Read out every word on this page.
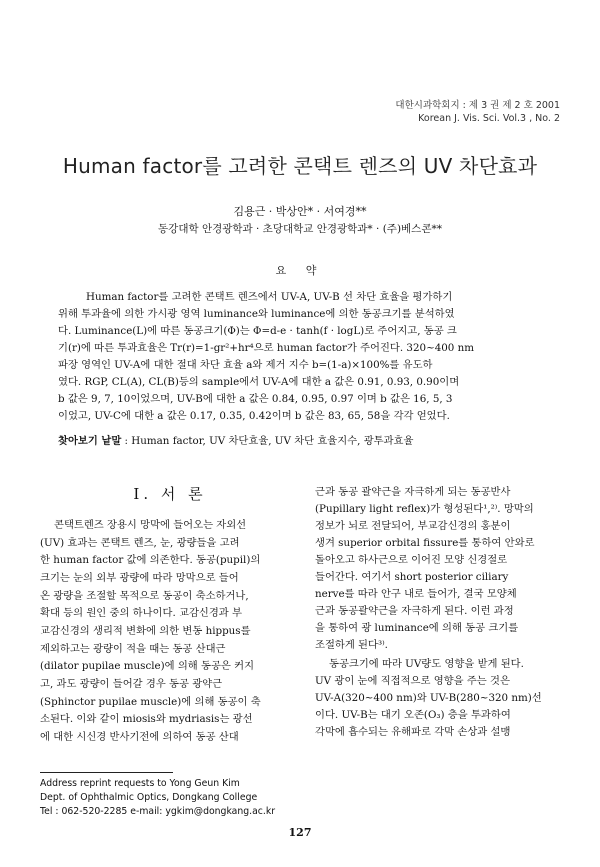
대한시과학회지 : 제 3 권 제 2 호 2001
Korean J. Vis. Sci. Vol.3 , No. 2
Human factor를 고려한 콘택트 렌즈의 UV 차단효과
김용근 · 박상안* · 서여경**
동강대학 안경광학과 · 초당대학교 안경광학과* · (주)베스콘**
요 약
Human factor를 고려한 콘택트 렌즈에서 UV-A, UV-B 선 차단 효율을 평가하기
위해 투과율에 의한 가시광 영역 luminance와 luminance에 의한 동공크기를 분석하였
다. Luminance(L)에 따른 동공크기(Φ)는 Φ=d-e · tanh(f · logL)로 주어지고, 동공 크
기(r)에 따른 투과효율은 Tr(r)=1-gr²+hr⁴으로 human factor가 주어진다. 320~400 nm
파장 영역인 UV-A에 대한 절대 차단 효율 a와 제거 지수 b=(1-a)×100%를 유도하
였다. RGP, CL(A), CL(B)등의 sample에서 UV-A에 대한 a 값은 0.91, 0.93, 0.90이며
b 값은 9, 7, 10이었으며, UV-B에 대한 a 값은 0.84, 0.95, 0.97 이며 b 값은 16, 5, 3
이었고, UV-C에 대한 a 값은 0.17, 0.35, 0.42이며 b 값은 83, 65, 58을 각각 얻었다.
찾아보기 낱말 : Human factor, UV 차단효율, UV 차단 효율지수, 광투과효율
Ⅰ. 서 론
콘택트렌즈 장용시 망막에 들어오는 자외선
(UV) 효과는 콘택트 렌즈, 눈, 광량들을 고려
한 human factor 값에 의존한다. 동공(pupil)의
크기는 눈의 외부 광량에 따라 망막으로 들어
온 광량을 조절할 목적으로 동공이 축소하거나,
확대 등의 원인 중의 하나이다. 교감신경과 부
교감신경의 생리적 변화에 의한 변동 hippus를
제외하고는 광량이 적을 때는 동공 산대근
(dilator pupilae muscle)에 의해 동공은 커지
고, 과도 광량이 들어갈 경우 동공 광약근
(Sphinctor pupilae muscle)에 의해 동공이 축
소된다. 이와 같이 miosis와 mydriasis는 광선
에 대한 시신경 반사기전에 의하여 동공 산대
근과 동공 괄약근을 자극하게 되는 동공반사
(Pupillary light reflex)가 형성된다¹,²⁾. 망막의
정보가 뇌로 전달되어, 부교감신경의 홍분이
생겨 superior orbital fissure를 통하여 안와로
돌아오고 하사근으로 이어진 모양 신경절로
들어간다. 여기서 short posterior ciliary
nerve를 따라 안구 내로 들어가, 결국 모양체
근과 동공괄약근을 자극하게 된다. 이런 과정
을 통하여 광 luminance에 의해 동공 크기를
조절하게 된다³⁾.
동공크기에 따라 UV량도 영향을 받게 된다.
UV 광이 눈에 직접적으로 영향을 주는 것은
UV-A(320~400 nm)와 UV-B(280~320 nm)선
이다. UV-B는 대기 오존(O₃) 층을 투과하여
각막에 흡수되는 유해파로 각막 손상과 설맹
Address reprint requests to Yong Geun Kim
Dept. of Ophthalmic Optics, Dongkang College
Tel : 062-520-2285 e-mail: ygkim@dongkang.ac.kr
127
